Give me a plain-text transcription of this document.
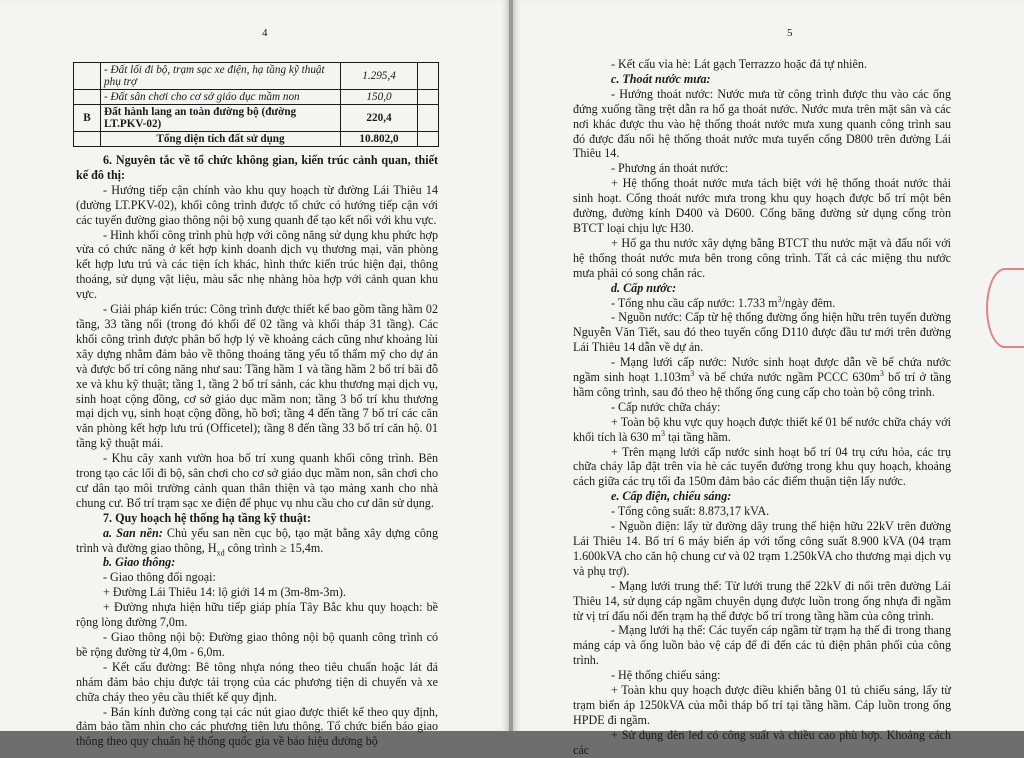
4
	- Đất lối đi bộ, trạm sạc xe điện, hạ tầng kỹ thuật phụ trợ	1.295,4	
	- Đất sân chơi cho cơ sở giáo dục mầm non	150,0	
B	Đất hành lang an toàn đường bộ (đường LT.PKV-02)	220,4	
	Tổng diện tích đất sử dụng	10.802,0	

6. Nguyên tắc về tổ chức không gian, kiến trúc cảnh quan, thiết kế đô thị:

- Hướng tiếp cận chính vào khu quy hoạch từ đường Lái Thiêu 14 (đường LT.PKV-02), khối công trình được tổ chức có hướng tiếp cận với các tuyến đường giao thông nội bộ xung quanh để tạo kết nối với khu vực.

- Hình khối công trình phù hợp với công năng sử dụng khu phức hợp vừa có chức năng ở kết hợp kinh doanh dịch vụ thương mại, văn phòng kết hợp lưu trú và các tiện ích khác, hình thức kiến trúc hiện đại, thông thoáng, sử dụng vật liệu, màu sắc nhẹ nhàng hòa hợp với cảnh quan khu vực.

- Giải pháp kiến trúc: Công trình được thiết kế bao gồm tầng hầm 02 tầng, 33 tầng nổi (trong đó khối đế 02 tầng và khối tháp 31 tầng). Các khối công trình được phân bố hợp lý về khoảng cách cũng như khoảng lùi xây dựng nhằm đảm bảo về thông thoáng tăng yếu tố thẩm mỹ cho dự án và được bố trí công năng như sau: Tầng hầm 1 và tầng hầm 2 bố trí bãi đỗ xe và khu kỹ thuật; tầng 1, tầng 2 bố trí sảnh, các khu thương mại dịch vụ, sinh hoạt cộng đồng, cơ sở giáo dục mầm non; tầng 3 bố trí khu thương mại dịch vụ, sinh hoạt cộng đồng, hồ bơi; tầng 4 đến tầng 7 bố trí các căn văn phòng kết hợp lưu trú (Officetel); tầng 8 đến tầng 33 bố trí căn hộ. 01 tầng kỹ thuật mái.

- Khu cây xanh vườn hoa bố trí xung quanh khối công trình. Bên trong tạo các lối đi bộ, sân chơi cho cơ sở giáo dục mầm non, sân chơi cho cư dân tạo môi trường cảnh quan thân thiện và tạo mảng xanh cho nhà chung cư. Bố trí trạm sạc xe điện để phục vụ nhu cầu cho cư dân sử dụng.

7. Quy hoạch hệ thống hạ tầng kỹ thuật:

a. San nền: Chủ yếu san nền cục bộ, tạo mặt bằng xây dựng công trình và đường giao thông, $H_{xd}$ công trình ≥ 15,4m.

b. Giao thông:

- Giao thông đối ngoại:

+ Đường Lái Thiêu 14: lộ giới 14 m (3m-8m-3m).

+ Đường nhựa hiện hữu tiếp giáp phía Tây Bắc khu quy hoạch: bề rộng lòng đường 7,0m.

- Giao thông nội bộ: Đường giao thông nội bộ quanh công trình có bề rộng đường từ 4,0m - 6,0m.

- Kết cấu đường: Bê tông nhựa nóng theo tiêu chuẩn hoặc lát đá nhám đảm bảo chịu được tải trọng của các phương tiện di chuyển và xe chữa cháy theo yêu cầu thiết kế quy định.

- Bán kính đường cong tại các nút giao được thiết kế theo quy định, đảm bảo tầm nhìn cho các phương tiện lưu thông. Tổ chức biển báo giao thông theo quy chuẩn hệ thống quốc gia về báo hiệu đường bộ

5

- Kết cấu vỉa hè: Lát gạch Terrazzo hoặc đá tự nhiên.

c. Thoát nước mưa:

- Hướng thoát nước: Nước mưa từ công trình được thu vào các ống đứng xuống tầng trệt dẫn ra hố ga thoát nước. Nước mưa trên mặt sân và các nơi khác được thu vào hệ thống thoát nước mưa xung quanh công trình sau đó được đấu nối hệ thống thoát nước mưa tuyến cống D800 trên đường Lái Thiêu 14.

- Phương án thoát nước:

+ Hệ thống thoát nước mưa tách biệt với hệ thống thoát nước thải sinh hoạt. Cống thoát nước mưa trong khu quy hoạch được bố trí một bên đường, đường kính D400 và D600. Cống băng đường sử dụng cống tròn BTCT loại chịu lực H30.

+ Hố ga thu nước xây dựng bằng BTCT thu nước mặt và đấu nối với hệ thống thoát nước mưa bên trong công trình. Tất cả các miệng thu nước mưa phải có song chắn rác.

d. Cấp nước:

- Tổng nhu cầu cấp nước: 1.733 $m^3$/ngày đêm.

- Nguồn nước: Cấp từ hệ thống đường ống hiện hữu trên tuyến đường Nguyễn Văn Tiết, sau đó theo tuyến cống D110 được đầu tư mới trên đường Lái Thiêu 14 dẫn về dự án.

- Mạng lưới cấp nước: Nước sinh hoạt được dẫn về bể chứa nước ngầm sinh hoạt $1.103m^3$ và bể chứa nước ngầm PCCC $630m^3$ bố trí ở tầng hầm công trình, sau đó theo hệ thống ống cung cấp cho toàn bộ công trình.

- Cấp nước chữa cháy:

+ Toàn bộ khu vực quy hoạch được thiết kế 01 bể nước chữa cháy với khối tích là 630 $m^3$ tại tầng hầm.

+ Trên mạng lưới cấp nước sinh hoạt bố trí 04 trụ cứu hỏa, các trụ chữa cháy lắp đặt trên vỉa hè các tuyến đường trong khu quy hoạch, khoảng cách giữa các trụ tối đa 150m đảm bảo các điểm thuận tiện lấy nước.

e. Cấp điện, chiếu sáng:

- Tổng công suất: 8.873,17 kVA.

- Nguồn điện: lấy từ đường dây trung thế hiện hữu 22kV trên đường Lái Thiêu 14. Bố trí 6 máy biến áp với tổng công suất 8.900 kVA (04 trạm 1.600kVA cho căn hộ chung cư và 02 trạm 1.250kVA cho thương mại dịch vụ và phụ trợ).

- Mạng lưới trung thế: Từ lưới trung thế 22kV đi nổi trên đường Lái Thiêu 14, sử dụng cáp ngầm chuyên dụng được luồn trong ống nhựa đi ngầm từ vị trí đấu nối đến trạm hạ thế được bố trí trong tầng hầm của công trình.

- Mạng lưới hạ thế: Các tuyến cáp ngầm từ trạm hạ thế đi trong thang máng cáp và ống luồn bảo vệ cáp để đi đến các tủ điện phân phối của công trình.

- Hệ thống chiếu sáng:

+ Toàn khu quy hoạch được điều khiển bằng 01 tủ chiếu sáng, lấy từ trạm biến áp 1250kVA của mỗi tháp bố trí tại tầng hầm. Cáp luồn trong ống HPDE đi ngầm.

+ Sử dụng đèn led có công suất và chiều cao phù hợp. Khoảng cách các
